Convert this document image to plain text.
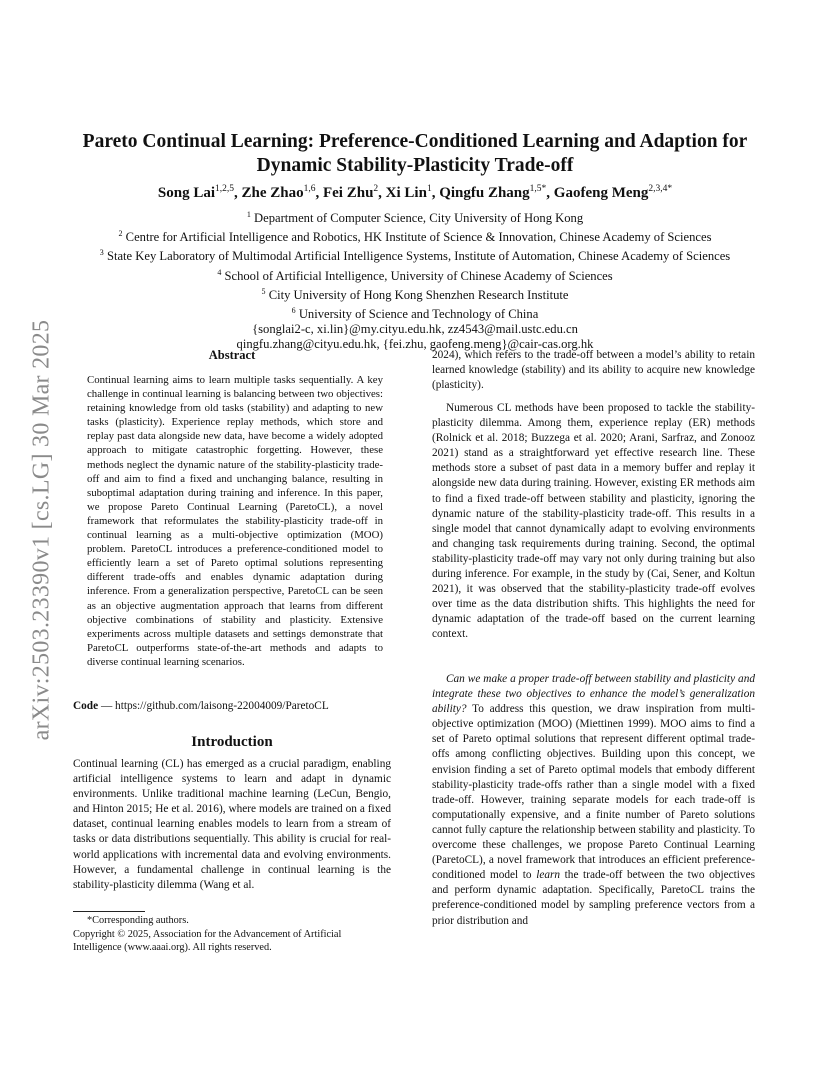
arXiv:2503.23390v1 [cs.LG] 30 Mar 2025
Pareto Continual Learning: Preference-Conditioned Learning and Adaption for
Dynamic Stability-Plasticity Trade-off
Song Lai$^{1,2,5}$, Zhe Zhao$^{1,6}$, Fei Zhu$^2$, Xi Lin$^1$, Qingfu Zhang$^{1,5*}$, Gaofeng Meng$^{2,3,4*}$
$^1$ Department of Computer Science, City University of Hong Kong
$^2$ Centre for Artificial Intelligence and Robotics, HK Institute of Science & Innovation, Chinese Academy of Sciences
$^3$ State Key Laboratory of Multimodal Artificial Intelligence Systems, Institute of Automation, Chinese Academy of Sciences
$^4$ School of Artificial Intelligence, University of Chinese Academy of Sciences
$^5$ City University of Hong Kong Shenzhen Research Institute
$^6$ University of Science and Technology of China
{songlai2-c, xi.lin}@my.cityu.edu.hk, zz4543@mail.ustc.edu.cn
qingfu.zhang@cityu.edu.hk, {fei.zhu, gaofeng.meng}@cair-cas.org.hk
Abstract
Continual learning aims to learn multiple tasks sequentially. A key challenge in continual learning is balancing between two objectives: retaining knowledge from old tasks (stability) and adapting to new tasks (plasticity). Experience replay methods, which store and replay past data alongside new data, have become a widely adopted approach to mitigate catastrophic forgetting. However, these methods neglect the dynamic nature of the stability-plasticity trade-off and aim to find a fixed and unchanging balance, resulting in suboptimal adaptation during training and inference. In this paper, we propose Pareto Continual Learning (ParetoCL), a novel framework that reformulates the stability-plasticity trade-off in continual learning as a multi-objective optimization (MOO) problem. ParetoCL introduces a preference-conditioned model to efficiently learn a set of Pareto optimal solutions representing different trade-offs and enables dynamic adaptation during inference. From a generalization perspective, ParetoCL can be seen as an objective augmentation approach that learns from different objective combinations of stability and plasticity. Extensive experiments across multiple datasets and settings demonstrate that ParetoCL outperforms state-of-the-art methods and adapts to diverse continual learning scenarios.
Code — https://github.com/laisong-22004009/ParetoCL
Introduction

Continual learning (CL) has emerged as a crucial paradigm, enabling artificial intelligence systems to learn and adapt in dynamic environments. Unlike traditional machine learning (LeCun, Bengio, and Hinton 2015; He et al. 2016), where models are trained on a fixed dataset, continual learning enables models to learn from a stream of tasks or data distributions sequentially. This ability is crucial for real-world applications with incremental data and evolving environments. However, a fundamental challenge in continual learning is the stability-plasticity dilemma (Wang et al.

*Corresponding authors.

Copyright © 2025, Association for the Advancement of Artificial Intelligence (www.aaai.org). All rights reserved.

2024), which refers to the trade-off between a model’s ability to retain learned knowledge (stability) and its ability to acquire new knowledge (plasticity).

Numerous CL methods have been proposed to tackle the stability-plasticity dilemma. Among them, experience replay (ER) methods (Rolnick et al. 2018; Buzzega et al. 2020; Arani, Sarfraz, and Zonooz 2021) stand as a straightforward yet effective research line. These methods store a subset of past data in a memory buffer and replay it alongside new data during training. However, existing ER methods aim to find a fixed trade-off between stability and plasticity, ignoring the dynamic nature of the stability-plasticity trade-off. This results in a single model that cannot dynamically adapt to evolving environments and changing task requirements during training. Second, the optimal stability-plasticity trade-off may vary not only during training but also during inference. For example, in the study by (Cai, Sener, and Koltun 2021), it was observed that the stability-plasticity trade-off evolves over time as the data distribution shifts. This highlights the need for dynamic adaptation of the trade-off based on the current learning context.

Can we make a proper trade-off between stability and plasticity and integrate these two objectives to enhance the model’s generalization ability? To address this question, we draw inspiration from multi-objective optimization (MOO) (Miettinen 1999). MOO aims to find a set of Pareto optimal solutions that represent different optimal trade-offs among conflicting objectives. Building upon this concept, we envision finding a set of Pareto optimal models that embody different stability-plasticity trade-offs rather than a single model with a fixed trade-off. However, training separate models for each trade-off is computationally expensive, and a finite number of Pareto solutions cannot fully capture the relationship between stability and plasticity. To overcome these challenges, we propose Pareto Continual Learning (ParetoCL), a novel framework that introduces an efficient preference-conditioned model to learn the trade-off between the two objectives and perform dynamic adaptation. Specifically, ParetoCL trains the preference-conditioned model by sampling preference vectors from a prior distribution and
